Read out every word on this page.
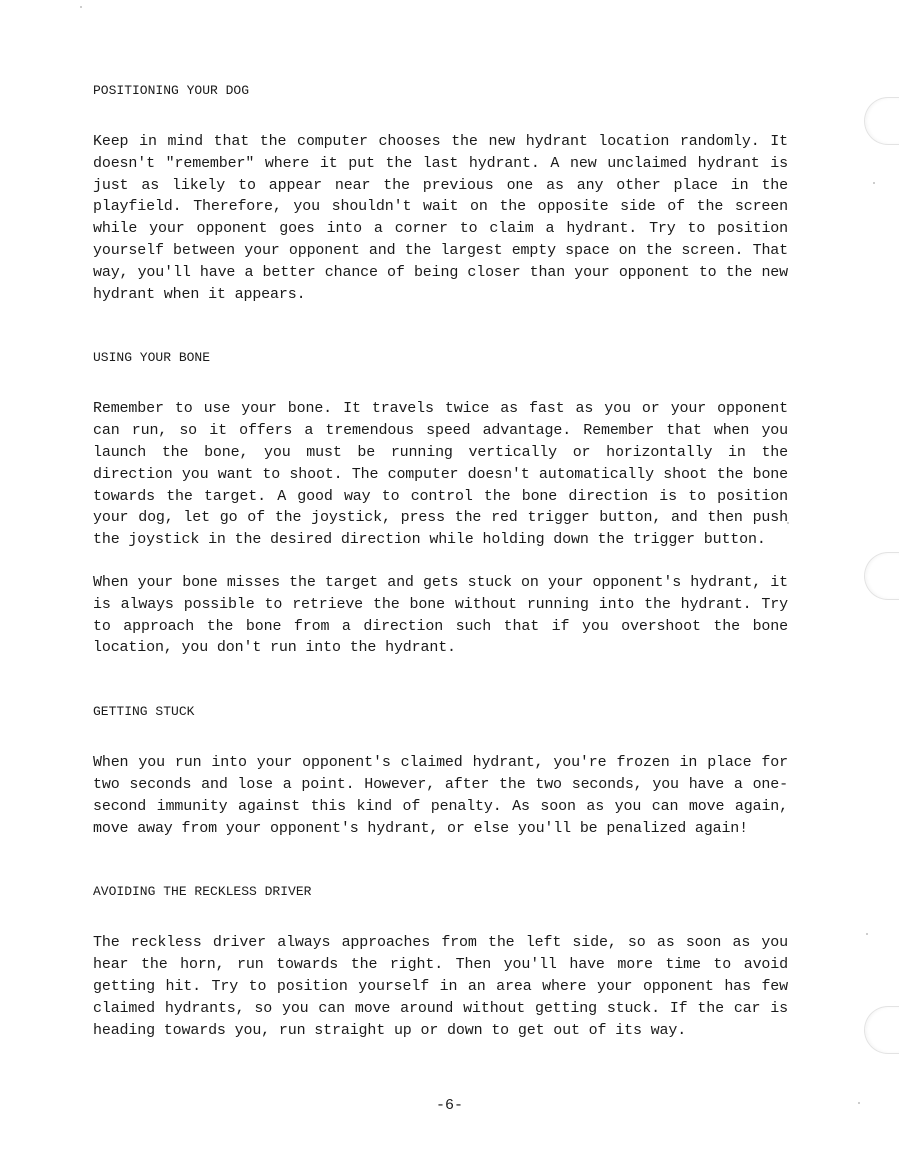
POSITIONING YOUR DOG

Keep in mind that the computer chooses the new hydrant location randomly. It doesn't "remember" where it put the last hydrant. A new unclaimed hydrant is just as likely to appear near the previous one as any other place in the playfield. Therefore, you shouldn't wait on the opposite side of the screen while your opponent goes into a corner to claim a hydrant. Try to position yourself between your opponent and the largest empty space on the screen. That way, you'll have a better chance of being closer than your opponent to the new hydrant when it appears.

USING YOUR BONE

Remember to use your bone. It travels twice as fast as you or your opponent can run, so it offers a tremendous speed advantage. Remember that when you launch the bone, you must be running vertically or horizontally in the direction you want to shoot. The computer doesn't automatically shoot the bone towards the target. A good way to control the bone direction is to position your dog, let go of the joystick, press the red trigger button, and then push the joystick in the desired direction while holding down the trigger button.

When your bone misses the target and gets stuck on your opponent's hydrant, it is always possible to retrieve the bone without running into the hydrant. Try to approach the bone from a direction such that if you overshoot the bone location, you don't run into the hydrant.

GETTING STUCK

When you run into your opponent's claimed hydrant, you're frozen in place for two seconds and lose a point. However, after the two seconds, you have a one-second immunity against this kind of penalty. As soon as you can move again, move away from your opponent's hydrant, or else you'll be penalized again!

AVOIDING THE RECKLESS DRIVER

The reckless driver always approaches from the left side, so as soon as you hear the horn, run towards the right. Then you'll have more time to avoid getting hit. Try to position yourself in an area where your opponent has few claimed hydrants, so you can move around without getting stuck. If the car is heading towards you, run straight up or down to get out of its way.

-6-
